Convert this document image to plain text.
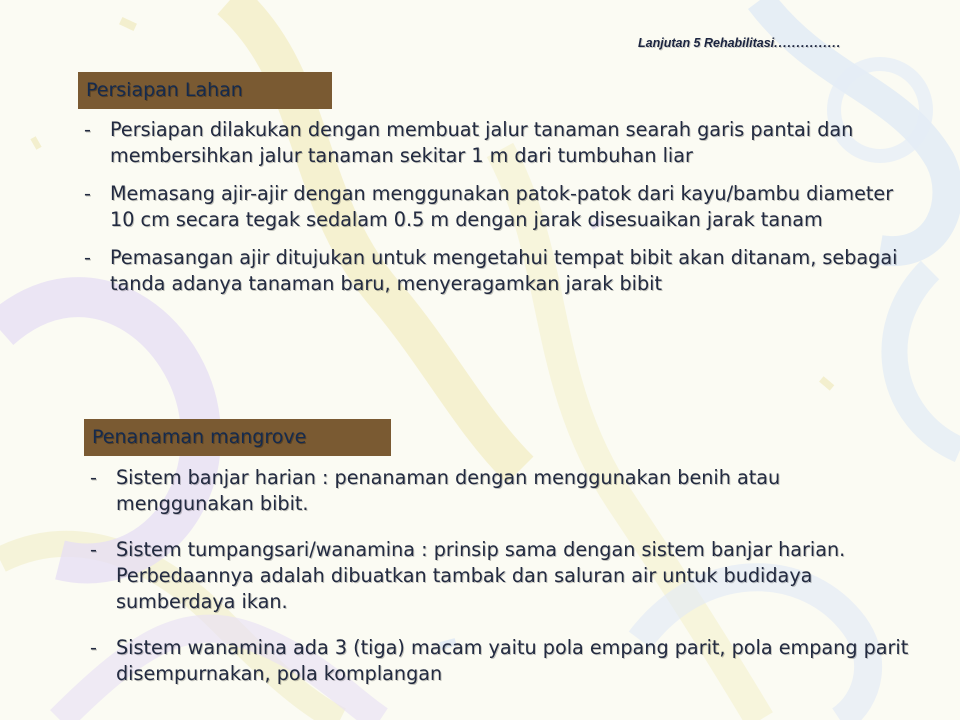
Lanjutan 5 Rehabilitasi...............
Persiapan Lahan
- Persiapan dilakukan dengan membuat jalur tanaman searah garis pantai dan membersihkan jalur tanaman sekitar 1 m dari tumbuhan liar
- Memasang ajir-ajir dengan menggunakan patok-patok dari kayu/bambu diameter 10 cm secara tegak sedalam 0.5 m dengan jarak disesuaikan jarak tanam
- Pemasangan ajir ditujukan untuk mengetahui tempat bibit akan ditanam, sebagai tanda adanya tanaman baru, menyeragamkan jarak bibit
Penanaman mangrove
- Sistem banjar harian : penanaman dengan menggunakan benih atau menggunakan bibit.
- Sistem tumpangsari/wanamina : prinsip sama dengan sistem banjar harian. Perbedaannya adalah dibuatkan tambak dan saluran air untuk budidaya sumberdaya ikan.
- Sistem wanamina ada 3 (tiga) macam yaitu pola empang parit, pola empang parit disempurnakan, pola komplangan
